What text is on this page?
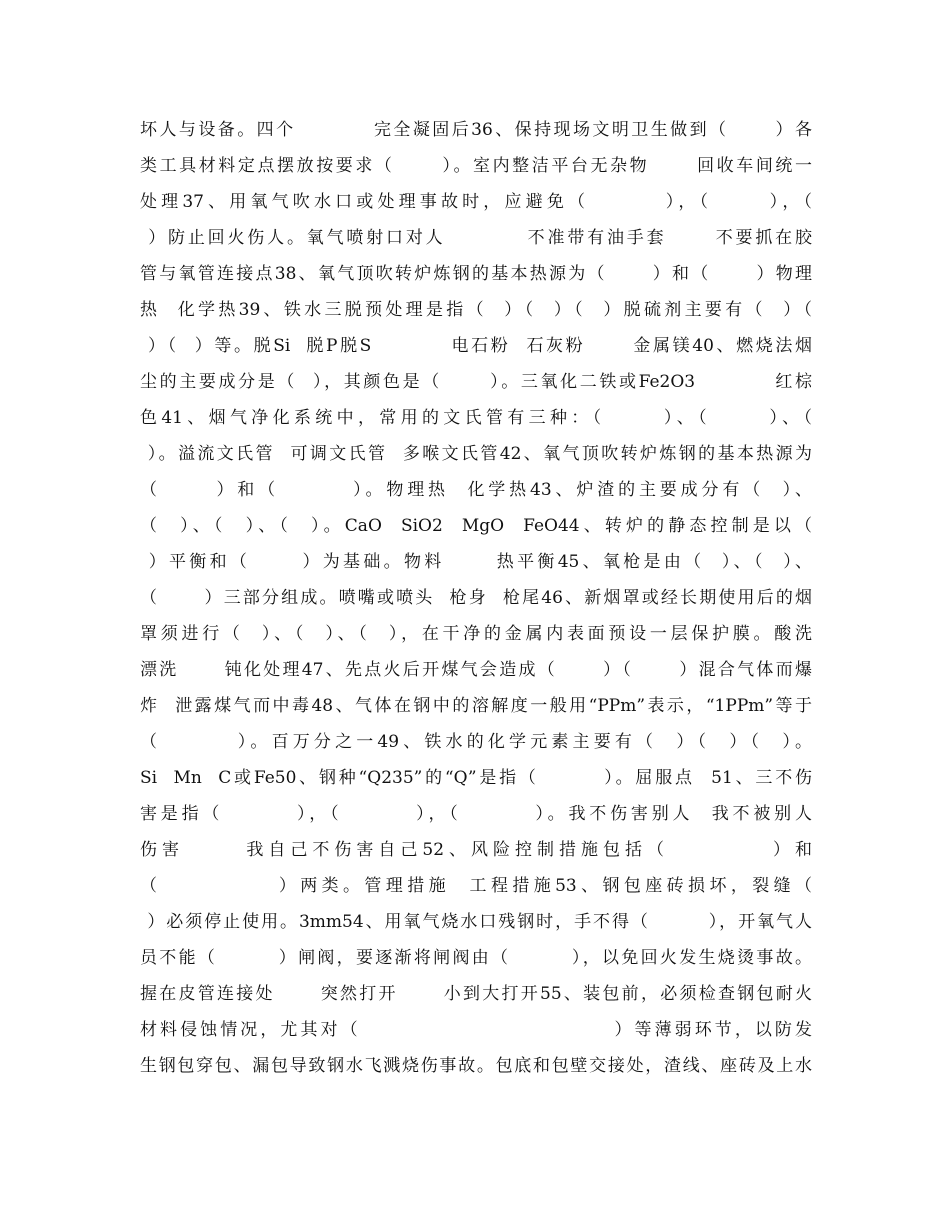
坏人与设备。四个          完全凝固后36、保持现场文明卫生做到（      ）各
类工具材料定点摆放按要求（      ）。室内整洁平台无杂物      回收车间统一
处理37、用氧气吹水口或处理事故时，应避免（        ），（      ），（
）防止回火伤人。氧气喷射口对人          不准带有油手套      不要抓在胶
管与氧管连接点38、氧气顶吹转炉炼钢的基本热源为（      ）和（      ）物理
热  化学热39、铁水三脱预处理是指（  ）（  ）（  ）脱硫剂主要有（  ）（
）（  ）等。脱Si  脱P脱S          电石粉  石灰粉      金属镁40、燃烧法烟
尘的主要成分是（  ），其颜色是（      ）。三氧化二铁或Fe2O3          红棕
色41、烟气净化系统中，常用的文氏管有三种：（      ）、（      ）、（
）。溢流文氏管  可调文氏管  多喉文氏管42、氧气顶吹转炉炼钢的基本热源为
（      ）和（        ）。物理热  化学热43、炉渣的主要成分有（  ）、
（  ）、（  ）、（  ）。CaO  SiO2  MgO  FeO44、转炉的静态控制是以（
）平衡和（      ）为基础。物料      热平衡45、氧枪是由（  ）、（  ）、
（      ）三部分组成。喷嘴或喷头  枪身  枪尾46、新烟罩或经长期使用后的烟
罩须进行（  ）、（  ）、（  ），在干净的金属内表面预设一层保护膜。酸洗
漂洗      钝化处理47、先点火后开煤气会造成（      ）（      ）混合气体而爆
炸  泄露煤气而中毒48、气体在钢中的溶解度一般用“PPm”表示，“1PPm”等于
（        ）。百万分之一49、铁水的化学元素主要有（  ）（  ）（  ）。
Si  Mn  C或Fe50、钢种“Q235”的“Q”是指（        ）。屈服点  51、三不伤
害是指（        ），（        ），（        ）。我不伤害别人  我不被别人
伤害      我自己不伤害自己52、风险控制措施包括（          ）和
（            ）两类。管理措施  工程措施53、钢包座砖损坏，裂缝（
）必须停止使用。3mm54、用氧气烧水口残钢时，手不得（        ），开氧气人
员不能（        ）闸阀，要逐渐将闸阀由（        ），以免回火发生烧烫事故。
握在皮管连接处      突然打开      小到大打开55、装包前，必须检查钢包耐火
材料侵蚀情况，尤其对（                              ）等薄弱环节，以防发
生钢包穿包、漏包导致钢水飞溅烧伤事故。包底和包壁交接处，渣线、座砖及上水
